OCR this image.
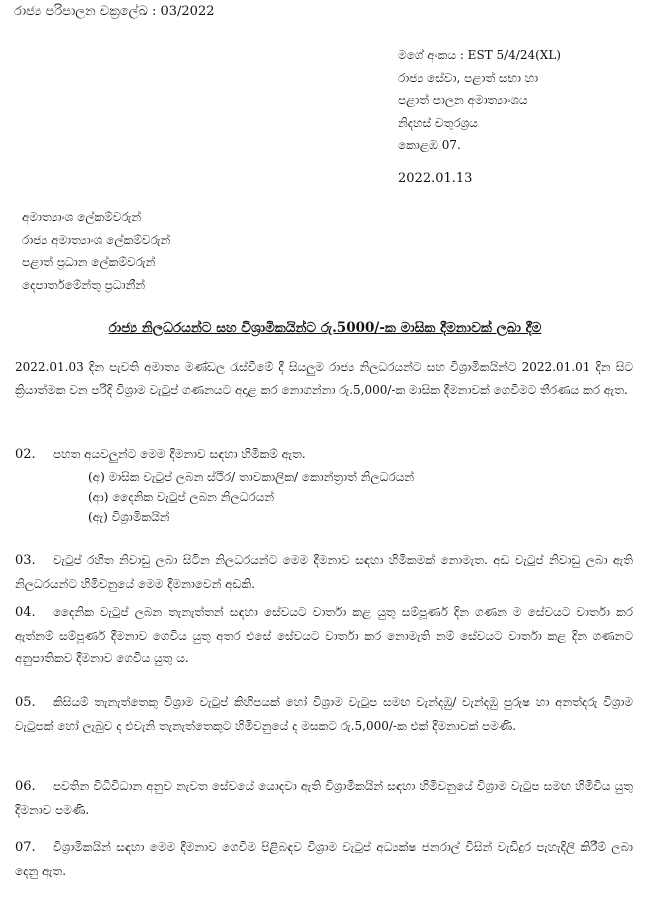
රාජ්‍ය පරිපාලන චක්‍රලේඛ : 03/2022
මගේ අංකය : EST 5/4/24(XL)
රාජ්‍ය සේවා, පළාත් සභා හා
පළාත් පාලන අමාත්‍යාංශය
නිදහස් චතුරශ්‍රය
කොළඹ 07.
2022.01.13
අමාත්‍යාංශ ලේකම්වරුන්
රාජ්‍ය අමාත්‍යාංශ ලේකම්වරුන්
පළාත් ප්‍රධාන ලේකම්වරුන්
දෙපාර්තමේන්තු ප්‍රධානීන්
රාජ්‍ය නිලධරයන්ට සහ විශ්‍රාමිකයින්ට රු.5000/-ක මාසික දීමනාවක් ලබා දීම
2022.01.03 දින පැවති අමාත්‍ය මණ්ඩල රැස්වීමේ දී සියලුම රාජ්‍ය නිලධරයන්ට සහ විශ්‍රාමිකයින්ට 2022.01.01 දින සිට ක්‍රියාත්මක වන පරිදි විශ්‍රාම වැටුප් ගණනයට අදාළ කර නොගන්නා රු.5,000/-ක මාසික දීමනාවක් ගෙවීමට තීරණය කර ඇත.
02. පහත අයවලුන්ට මෙම දීමනාව සඳහා හිමිකම් ඇත.
(අ) මාසික වැටුප් ලබන ස්ථිර/ තාවකාලික/ කොන්ත්‍රාත් නිලධරයන්
(ආ) දෛනික වැටුප් ලබන නිලධරයන්
(ඇ) විශ්‍රාමිකයින්
03. වැටුප් රහිත නිවාඩු ලබා සිටින නිලධරයන්ට මෙම දීමනාව සඳහා හිමිකමක් නොමැත. අඩ වැටුප් නිවාඩු ලබා ඇති නිලධරයන්ට හිමිවනුයේ මෙම දීමනාවෙන් අඩකි.
04. දෛනික වැටුප් ලබන තැනැත්තන් සඳහා සේවයට වාර්තා කළ යුතු සම්පූර්ණ දින ගණන ම සේවයට වාර්තා කර ඇත්නම් සම්පූර්ණ දීමනාව ගෙවිය යුතු අතර එසේ සේවයට වාර්තා කර නොමැති නම් සේවයට වාර්තා කළ දින ගණනට අනුපාතිකව දීමනාව ගෙවිය යුතු ය.
05. කිසියම් තැනැත්තෙකු විශ්‍රාම වැටුප් කිහිපයක් හෝ විශ්‍රාම වැටුප සමඟ වැන්දඹු/ වැන්දඹු පුරුෂ හා අනත්දරු විශ්‍රාම වැටුපක් හෝ ලැබුව ද එවැනි තැනැත්තෙකුට හිමිවනුයේ ද මසකට රු.5,000/-ක එක් දීමනාවක් පමණි.
06. පවතින විධිවිධාන අනුව නැවත සේවයේ යොදවා ඇති විශ්‍රාමිකයින් සඳහා හිමිවනුයේ විශ්‍රාම වැටුප සමඟ හිමිවිය යුතු දීමනාව පමණි.
07. විශ්‍රාමිකයින් සඳහා මෙම දීමනාව ගෙවීම පිළිබඳව විශ්‍රාම වැටුප් අධ්‍යක්ෂ ජනරාල් විසින් වැඩිදුර පැහැදිලි කිරීම් ලබා දෙනු ඇත.
